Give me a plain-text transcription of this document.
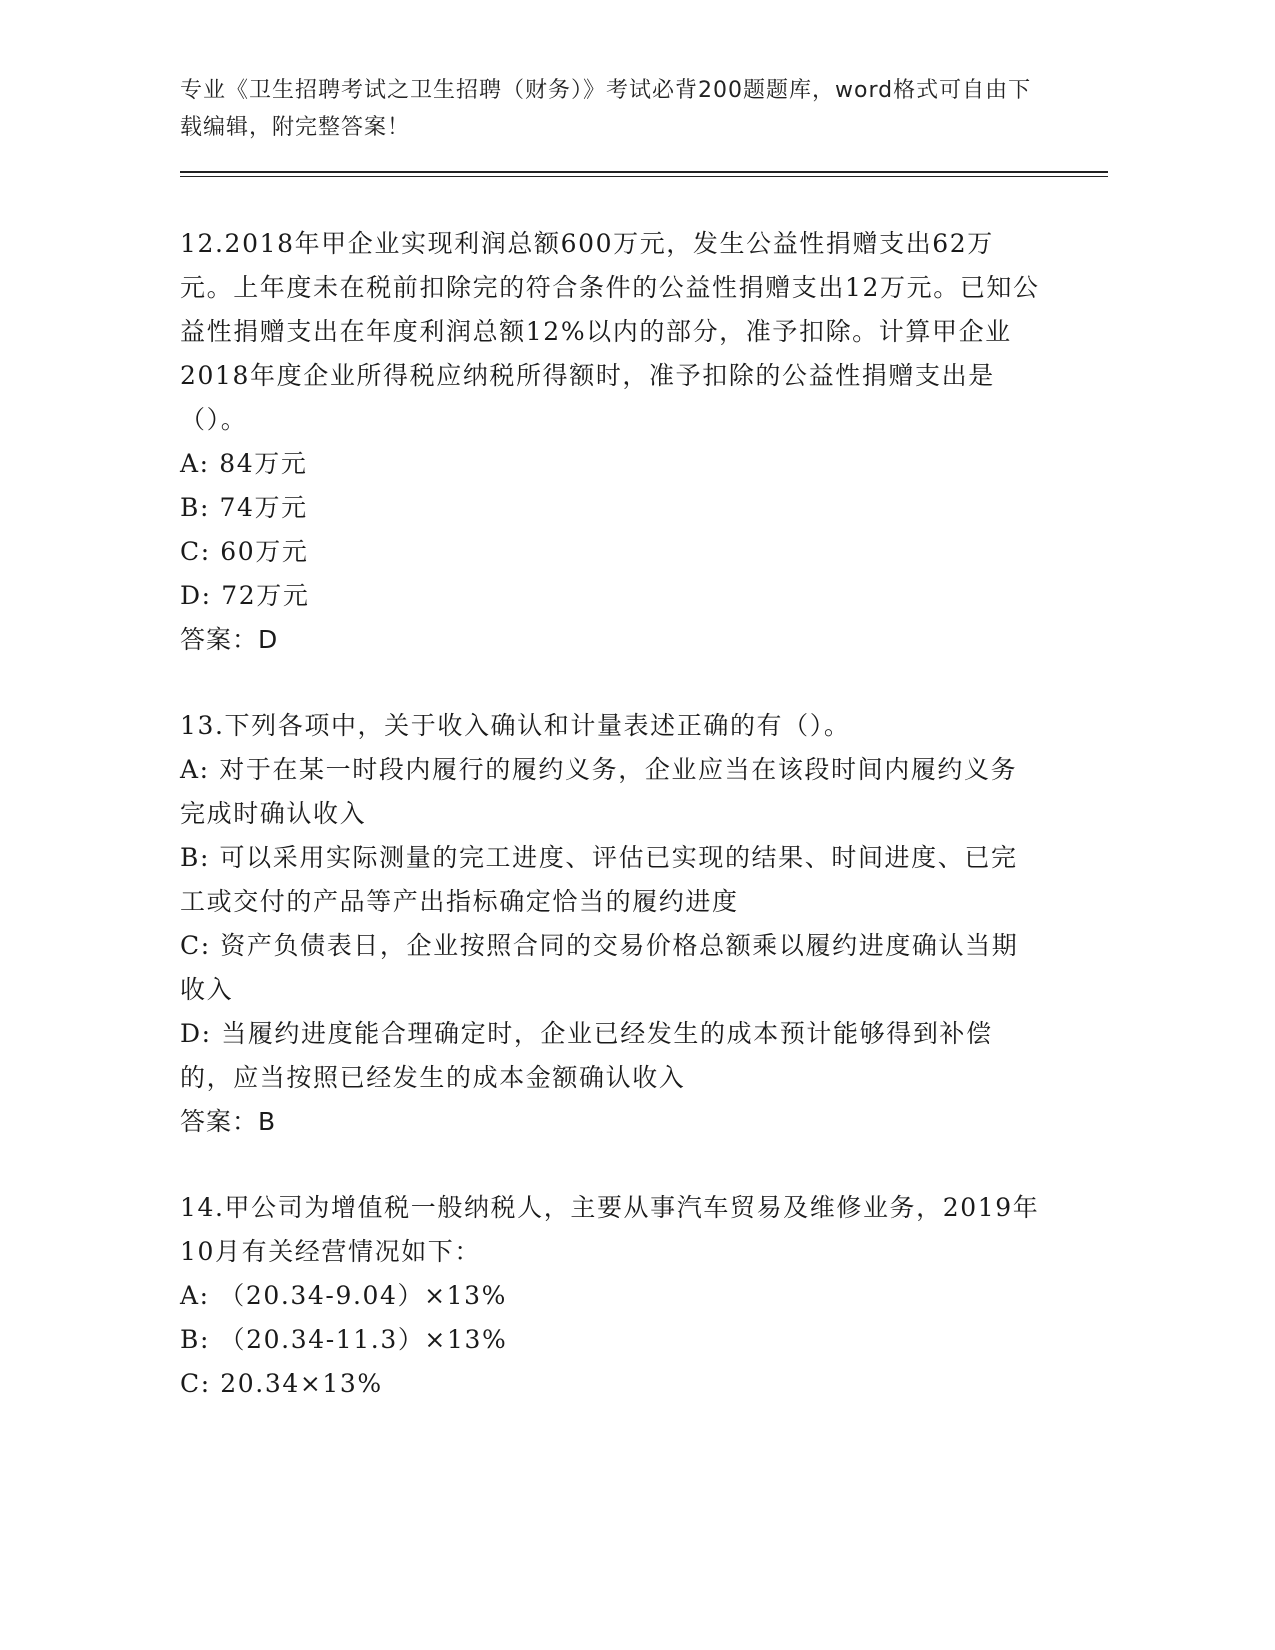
专业《卫生招聘考试之卫生招聘（财务）》考试必背200题题库，word格式可自由下载编辑，附完整答案！
12.2018年甲企业实现利润总额600万元，发生公益性捐赠支出62万元。上年度未在税前扣除完的符合条件的公益性捐赠支出12万元。已知公益性捐赠支出在年度利润总额12%以内的部分，准予扣除。计算甲企业2018年度企业所得税应纳税所得额时，准予扣除的公益性捐赠支出是（）。
A: 84万元
B: 74万元
C: 60万元
D: 72万元
答案：D
13.下列各项中，关于收入确认和计量表述正确的有（）。
A: 对于在某一时段内履行的履约义务，企业应当在该段时间内履约义务完成时确认收入
B: 可以采用实际测量的完工进度、评估已实现的结果、时间进度、已完工或交付的产品等产出指标确定恰当的履约进度
C: 资产负债表日，企业按照合同的交易价格总额乘以履约进度确认当期收入
D: 当履约进度能合理确定时，企业已经发生的成本预计能够得到补偿的，应当按照已经发生的成本金额确认收入
答案：B
14.甲公司为增值税一般纳税人，主要从事汽车贸易及维修业务，2019年10月有关经营情况如下：
A: （20.34-9.04）×13%
B: （20.34-11.3）×13%
C: 20.34×13%
